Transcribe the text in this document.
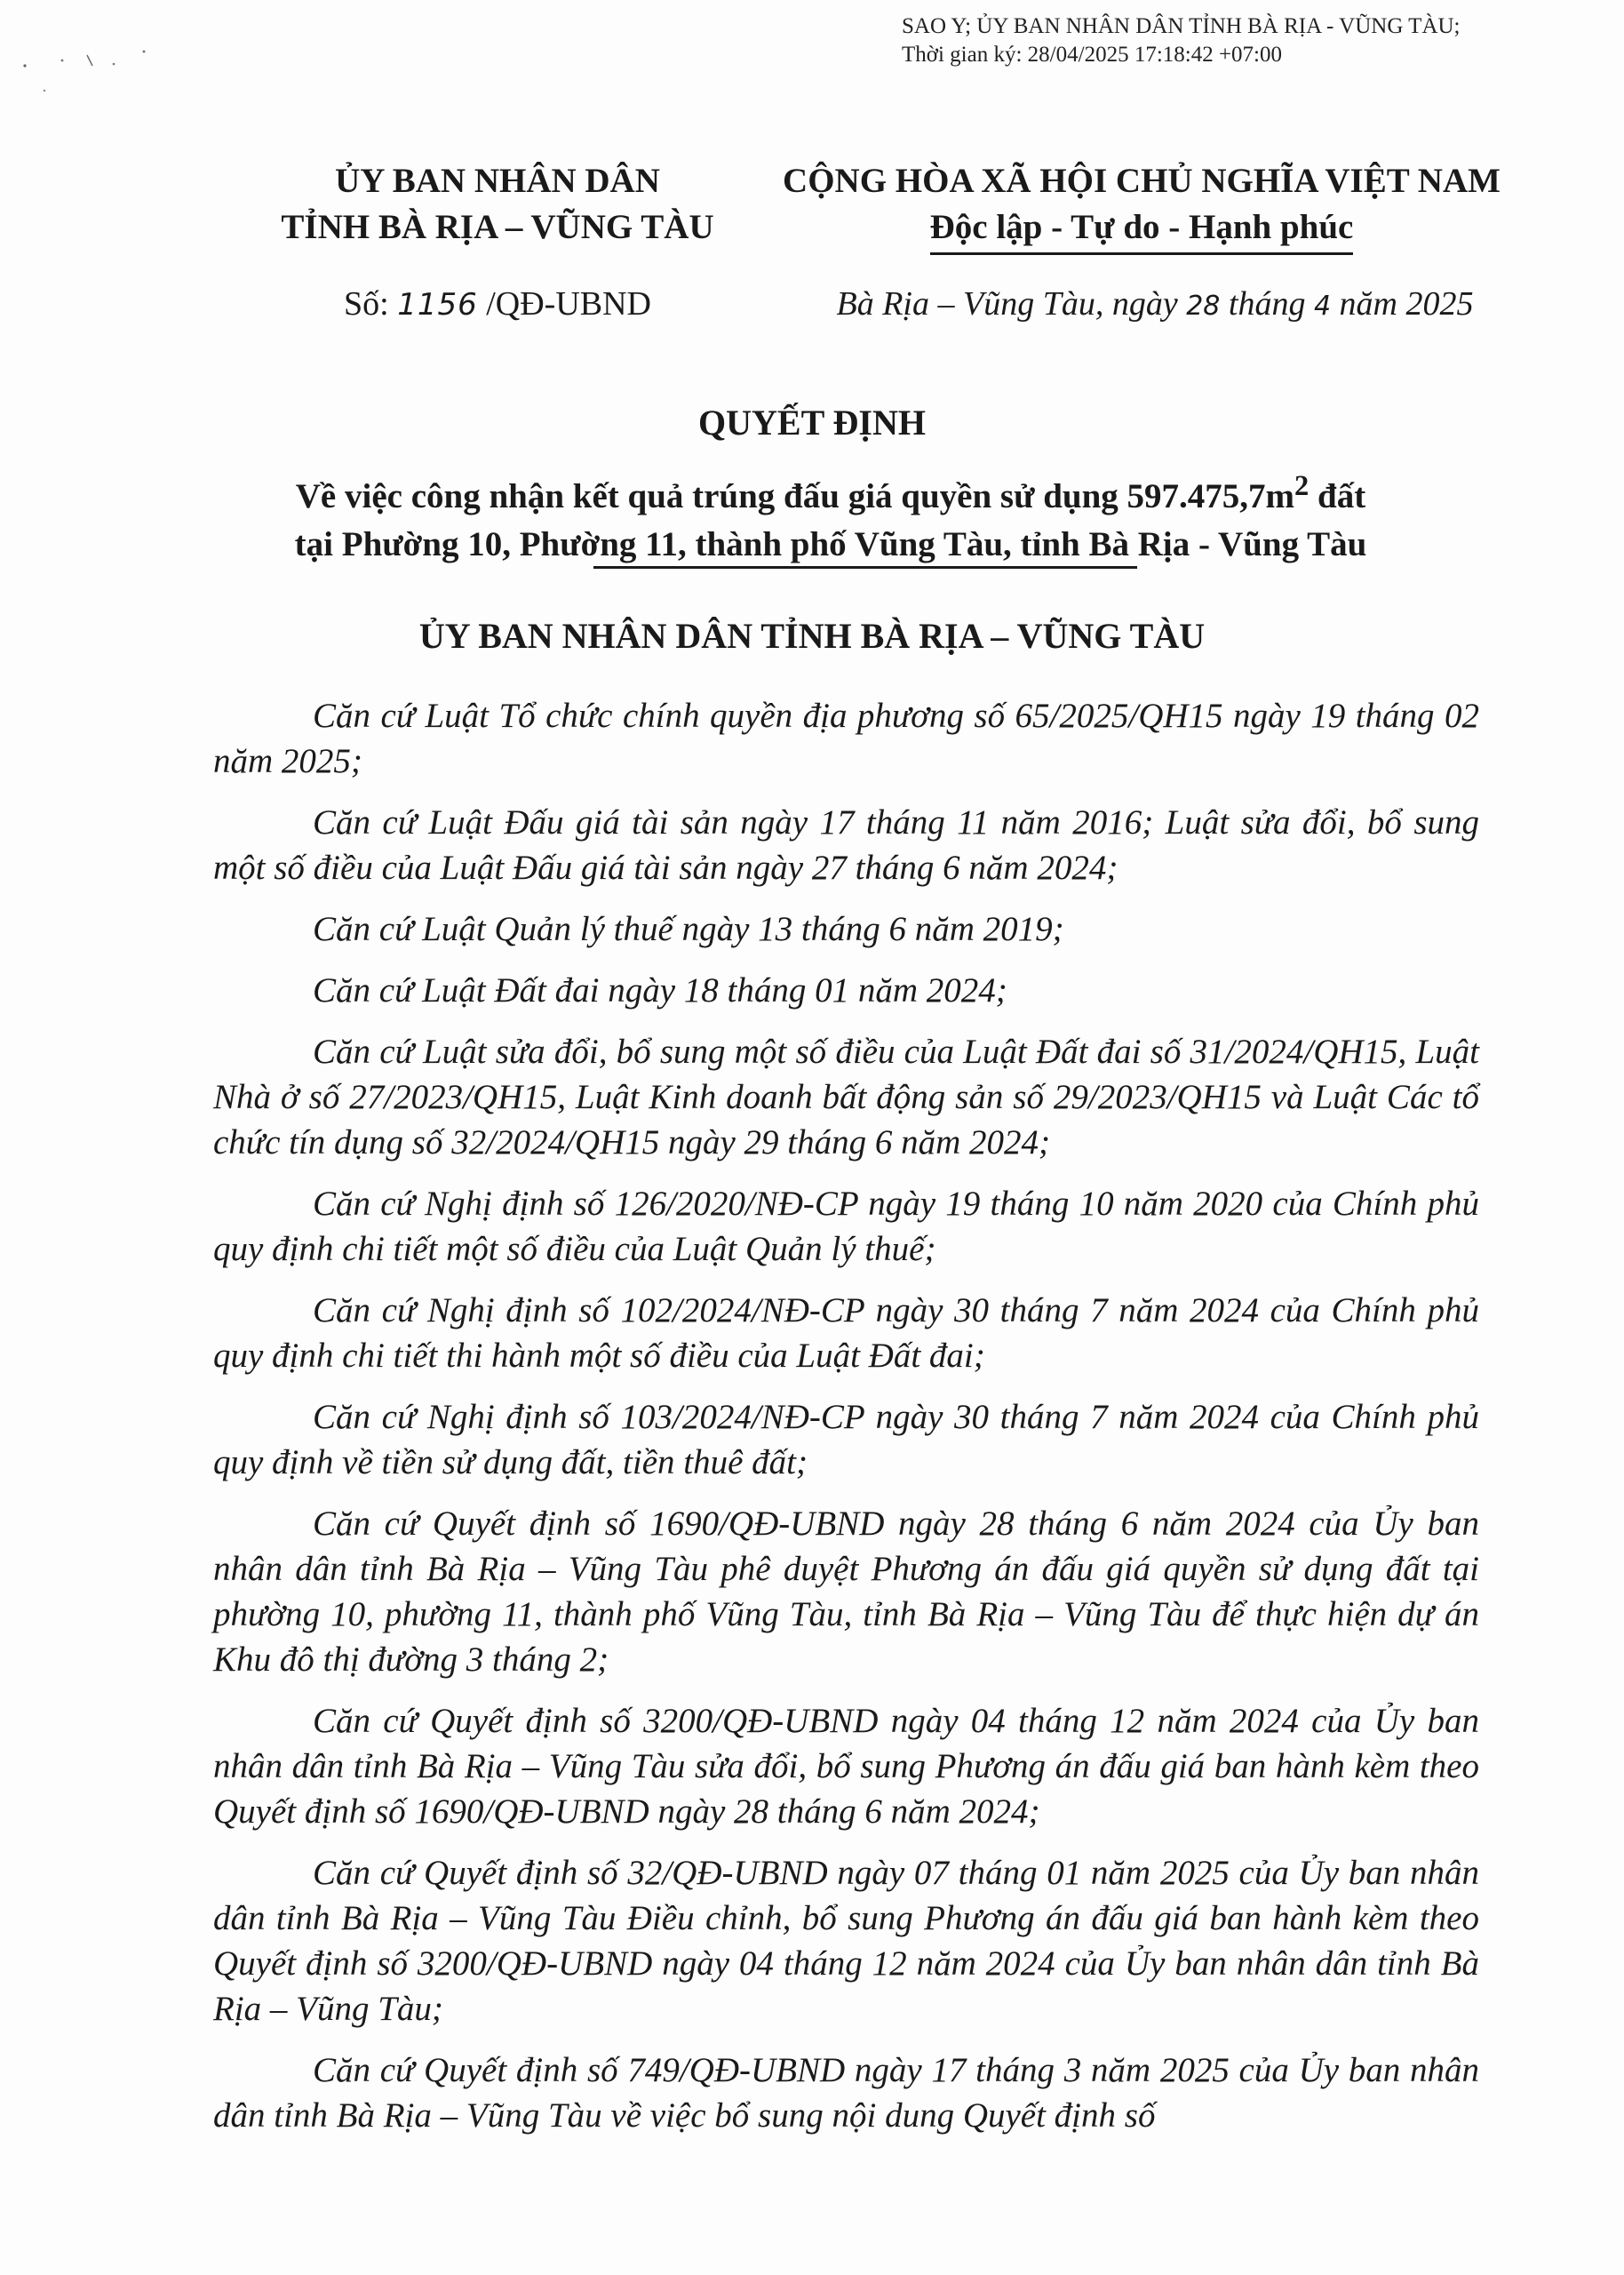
SAO Y; ỦY BAN NHÂN DÂN TỈNH BÀ RỊA - VŨNG TÀU;
Thời gian ký: 28/04/2025 17:18:42 +07:00
ỦY BAN NHÂN DÂN
TỈNH BÀ RỊA – VŨNG TÀU
CỘNG HÒA XÃ HỘI CHỦ NGHĨA VIỆT NAM
Độc lập - Tự do - Hạnh phúc
Số: 1156 /QĐ-UBND	Bà Rịa – Vũng Tàu, ngày 28 tháng 4 năm 2025
QUYẾT ĐỊNH
Về việc công nhận kết quả trúng đấu giá quyền sử dụng $597.475,7m^2$ đất
tại Phường 10, Phường 11, thành phố Vũng Tàu, tỉnh Bà Rịa - Vũng Tàu
ỦY BAN NHÂN DÂN TỈNH BÀ RỊA – VŨNG TÀU

Căn cứ Luật Tổ chức chính quyền địa phương số 65/2025/QH15 ngày 19 tháng 02 năm 2025;

Căn cứ Luật Đấu giá tài sản ngày 17 tháng 11 năm 2016; Luật sửa đổi, bổ sung một số điều của Luật Đấu giá tài sản ngày 27 tháng 6 năm 2024;

Căn cứ Luật Quản lý thuế ngày 13 tháng 6 năm 2019;

Căn cứ Luật Đất đai ngày 18 tháng 01 năm 2024;

Căn cứ Luật sửa đổi, bổ sung một số điều của Luật Đất đai số 31/2024/QH15, Luật Nhà ở số 27/2023/QH15, Luật Kinh doanh bất động sản số 29/2023/QH15 và Luật Các tổ chức tín dụng số 32/2024/QH15 ngày 29 tháng 6 năm 2024;

Căn cứ Nghị định số 126/2020/NĐ-CP ngày 19 tháng 10 năm 2020 của Chính phủ quy định chi tiết một số điều của Luật Quản lý thuế;

Căn cứ Nghị định số 102/2024/NĐ-CP ngày 30 tháng 7 năm 2024 của Chính phủ quy định chi tiết thi hành một số điều của Luật Đất đai;

Căn cứ Nghị định số 103/2024/NĐ-CP ngày 30 tháng 7 năm 2024 của Chính phủ quy định về tiền sử dụng đất, tiền thuê đất;

Căn cứ Quyết định số 1690/QĐ-UBND ngày 28 tháng 6 năm 2024 của Ủy ban nhân dân tỉnh Bà Rịa – Vũng Tàu phê duyệt Phương án đấu giá quyền sử dụng đất tại phường 10, phường 11, thành phố Vũng Tàu, tỉnh Bà Rịa – Vũng Tàu để thực hiện dự án Khu đô thị đường 3 tháng 2;

Căn cứ Quyết định số 3200/QĐ-UBND ngày 04 tháng 12 năm 2024 của Ủy ban nhân dân tỉnh Bà Rịa – Vũng Tàu sửa đổi, bổ sung Phương án đấu giá ban hành kèm theo Quyết định số 1690/QĐ-UBND ngày 28 tháng 6 năm 2024;

Căn cứ Quyết định số 32/QĐ-UBND ngày 07 tháng 01 năm 2025 của Ủy ban nhân dân tỉnh Bà Rịa – Vũng Tàu Điều chỉnh, bổ sung Phương án đấu giá ban hành kèm theo Quyết định số 3200/QĐ-UBND ngày 04 tháng 12 năm 2024 của Ủy ban nhân dân tỉnh Bà Rịa – Vũng Tàu;

Căn cứ Quyết định số 749/QĐ-UBND ngày 17 tháng 3 năm 2025 của Ủy ban nhân dân tỉnh Bà Rịa – Vũng Tàu về việc bổ sung nội dung Quyết định số
